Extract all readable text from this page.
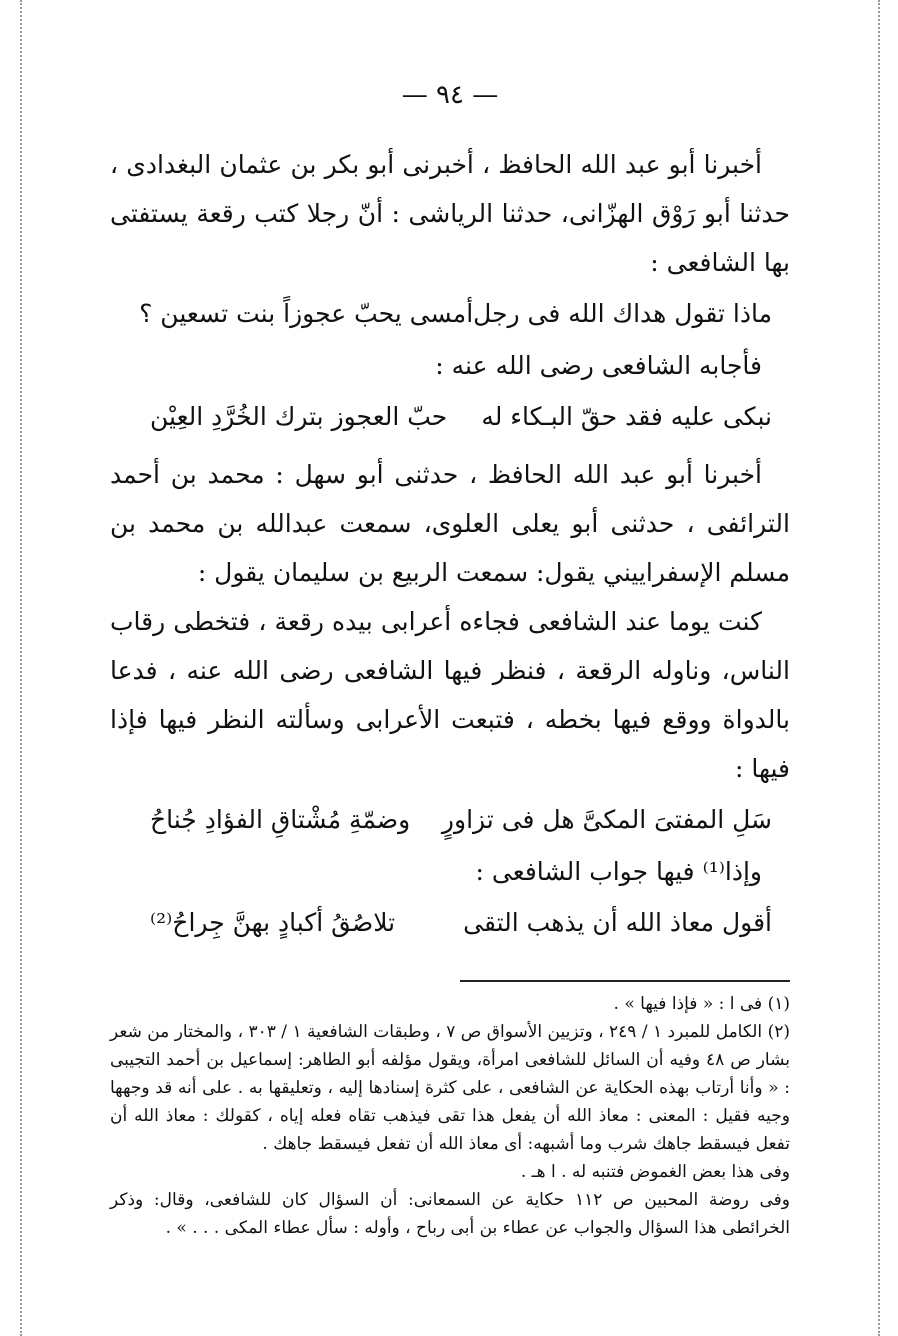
— ٩٤ —

أخبرنا أبو عبد الله الحافظ ، أخبرنى أبو بكر بن عثمان البغدادى ، حدثنا أبو رَوْق الهزّانى، حدثنا الرياشى : أنّ رجلا كتب رقعة يستفتى بها الشافعى :

ماذا تقول هداك الله فى رجل
أمسى يحبّ عجوزاً بنت تسعين ؟

فأجابه الشافعى رضى الله عنه :

نبكى عليه فقد حقّ البـكاء له
حبّ العجوز بترك الخُرَّدِ العِيْن

أخبرنا أبو عبد الله الحافظ ، حدثنى أبو سهل : محمد بن أحمد الترائفى ، حدثنى أبو يعلى العلوى، سمعت عبدالله بن محمد بن مسلم الإسفراييني يقول: سمعت الربيع بن سليمان يقول :

كنت يوما عند الشافعى فجاءه أعرابى بيده رقعة ، فتخطى رقاب الناس، وناوله الرقعة ، فنظر فيها الشافعى رضى الله عنه ، فدعا بالدواة ووقع فيها بخطه ، فتبعت الأعرابى وسألته النظر فيها فإذا فيها :

سَلِ المفتىَ المكىَّ هل فى تزاورٍ
وضمّةِ مُشْتاقِ الفؤادِ جُناحُ

وإذا⁽¹⁾ فيها جواب الشافعى :

أقول معاذ الله أن يذهب التقى
تلاصُقُ أكبادٍ بهنَّ جِراحُ⁽²⁾

(١) فى ا : « فإذا فيها » .

(٢) الكامل للمبرد ١ / ٢٤٩ ، وتزيين الأسواق ص ٧ ، وطبقات الشافعية ١ / ٣٠٣ ، والمختار من شعر بشار ص ٤٨ وفيه أن السائل للشافعى امرأة، ويقول مؤلفه أبو الطاهر: إسماعيل بن أحمد التجيبى : « وأنا أرتاب بهذه الحكاية عن الشافعى ، على كثرة إسنادها إليه ، وتعليقها به . على أنه قد وجهها وجيه فقيل : المعنى : معاذ الله أن يفعل هذا تقى فيذهب تقاه فعله إياه ، كقولك : معاذ الله أن تفعل فيسقط جاهك شرب وما أشبهه: أى معاذ الله أن تفعل فيسقط جاهك .

وفى هذا بعض الغموض فتنبه له . ا هـ .

وفى روضة المحبين ص ١١٢ حكاية عن السمعانى: أن السؤال كان للشافعى، وقال: وذكر الخرائطى هذا السؤال والجواب عن عطاء بن أبى رباح ، وأوله : سأل عطاء المكى . . . » .
